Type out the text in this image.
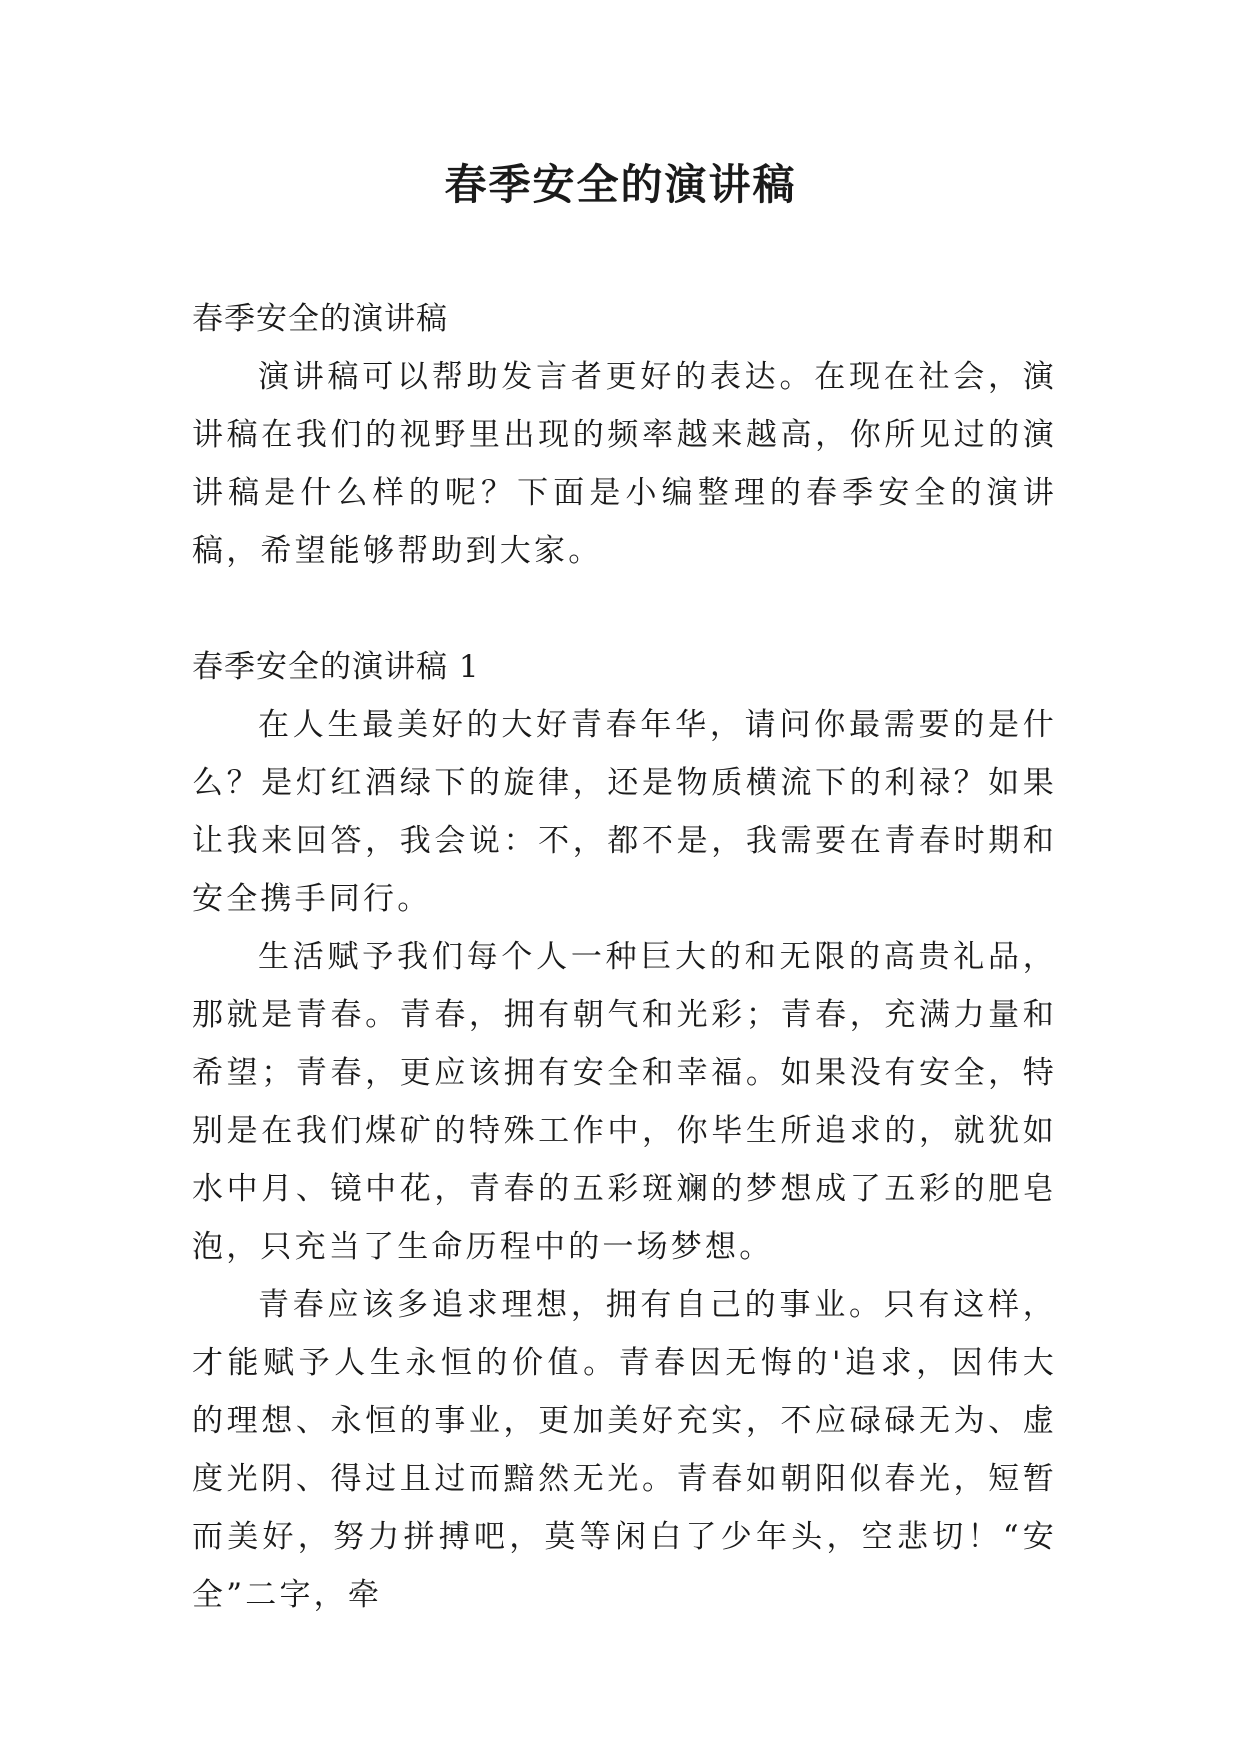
春季安全的演讲稿

春季安全的演讲稿

演讲稿可以帮助发言者更好的表达。在现在社会，演讲稿在我们的视野里出现的频率越来越高，你所见过的演讲稿是什么样的呢？下面是小编整理的春季安全的演讲稿，希望能够帮助到大家。

春季安全的演讲稿 1

在人生最美好的大好青春年华，请问你最需要的是什么？是灯红酒绿下的旋律，还是物质横流下的利禄？如果让我来回答，我会说：不，都不是，我需要在青春时期和安全携手同行。

生活赋予我们每个人一种巨大的和无限的高贵礼品，那就是青春。青春，拥有朝气和光彩；青春，充满力量和希望；青春，更应该拥有安全和幸福。如果没有安全，特别是在我们煤矿的特殊工作中，你毕生所追求的，就犹如水中月、镜中花，青春的五彩斑斓的梦想成了五彩的肥皂泡，只充当了生命历程中的一场梦想。

青春应该多追求理想，拥有自己的事业。只有这样，才能赋予人生永恒的价值。青春因无悔的'追求，因伟大的理想、永恒的事业，更加美好充实，不应碌碌无为、虚度光阴、得过且过而黯然无光。青春如朝阳似春光，短暂而美好，努力拼搏吧，莫等闲白了少年头，空悲切！“安全”二字，牵
